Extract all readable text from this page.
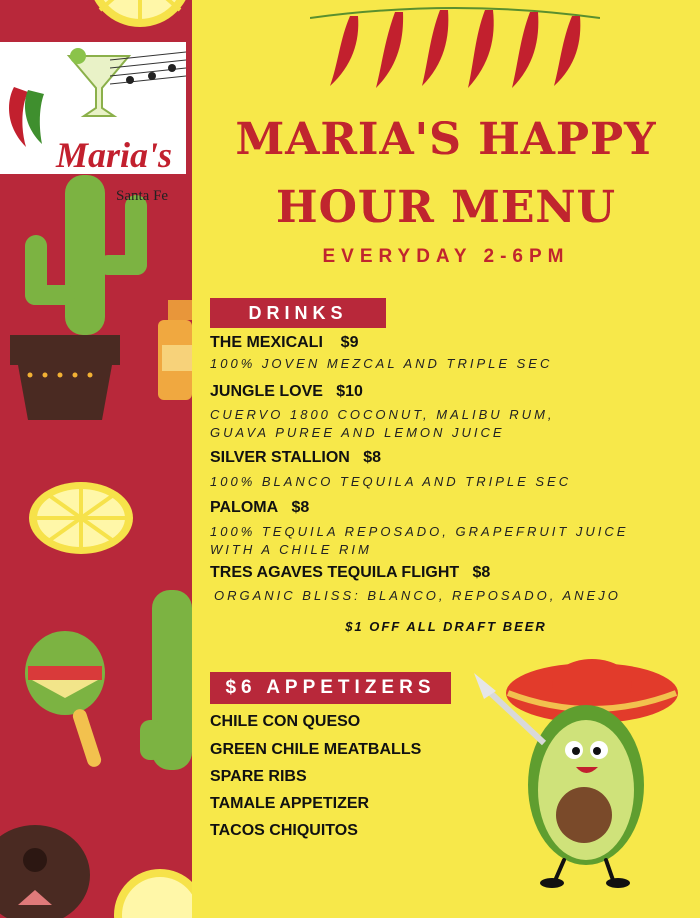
Maria's
Santa Fe
MARIA'S HAPPY
HOUR MENU
EVERYDAY 2-6PM
DRINKS
THE MEXICALI $9
100% JOVEN MEZCAL AND TRIPLE SEC
JUNGLE LOVE $10
CUERVO 1800 COCONUT, MALIBU RUM,
GUAVA PUREE AND LEMON JUICE
SILVER STALLION $8
100% BLANCO TEQUILA AND TRIPLE SEC
PALOMA $8
100% TEQUILA REPOSADO, GRAPEFRUIT JUICE
WITH A CHILE RIM
TRES AGAVES TEQUILA FLIGHT $8
ORGANIC BLISS: BLANCO, REPOSADO, ANEJO
$1 OFF ALL DRAFT BEER
$6 APPETIZERS
CHILE CON QUESO
GREEN CHILE MEATBALLS
SPARE RIBS
TAMALE APPETIZER
TACOS CHIQUITOS
